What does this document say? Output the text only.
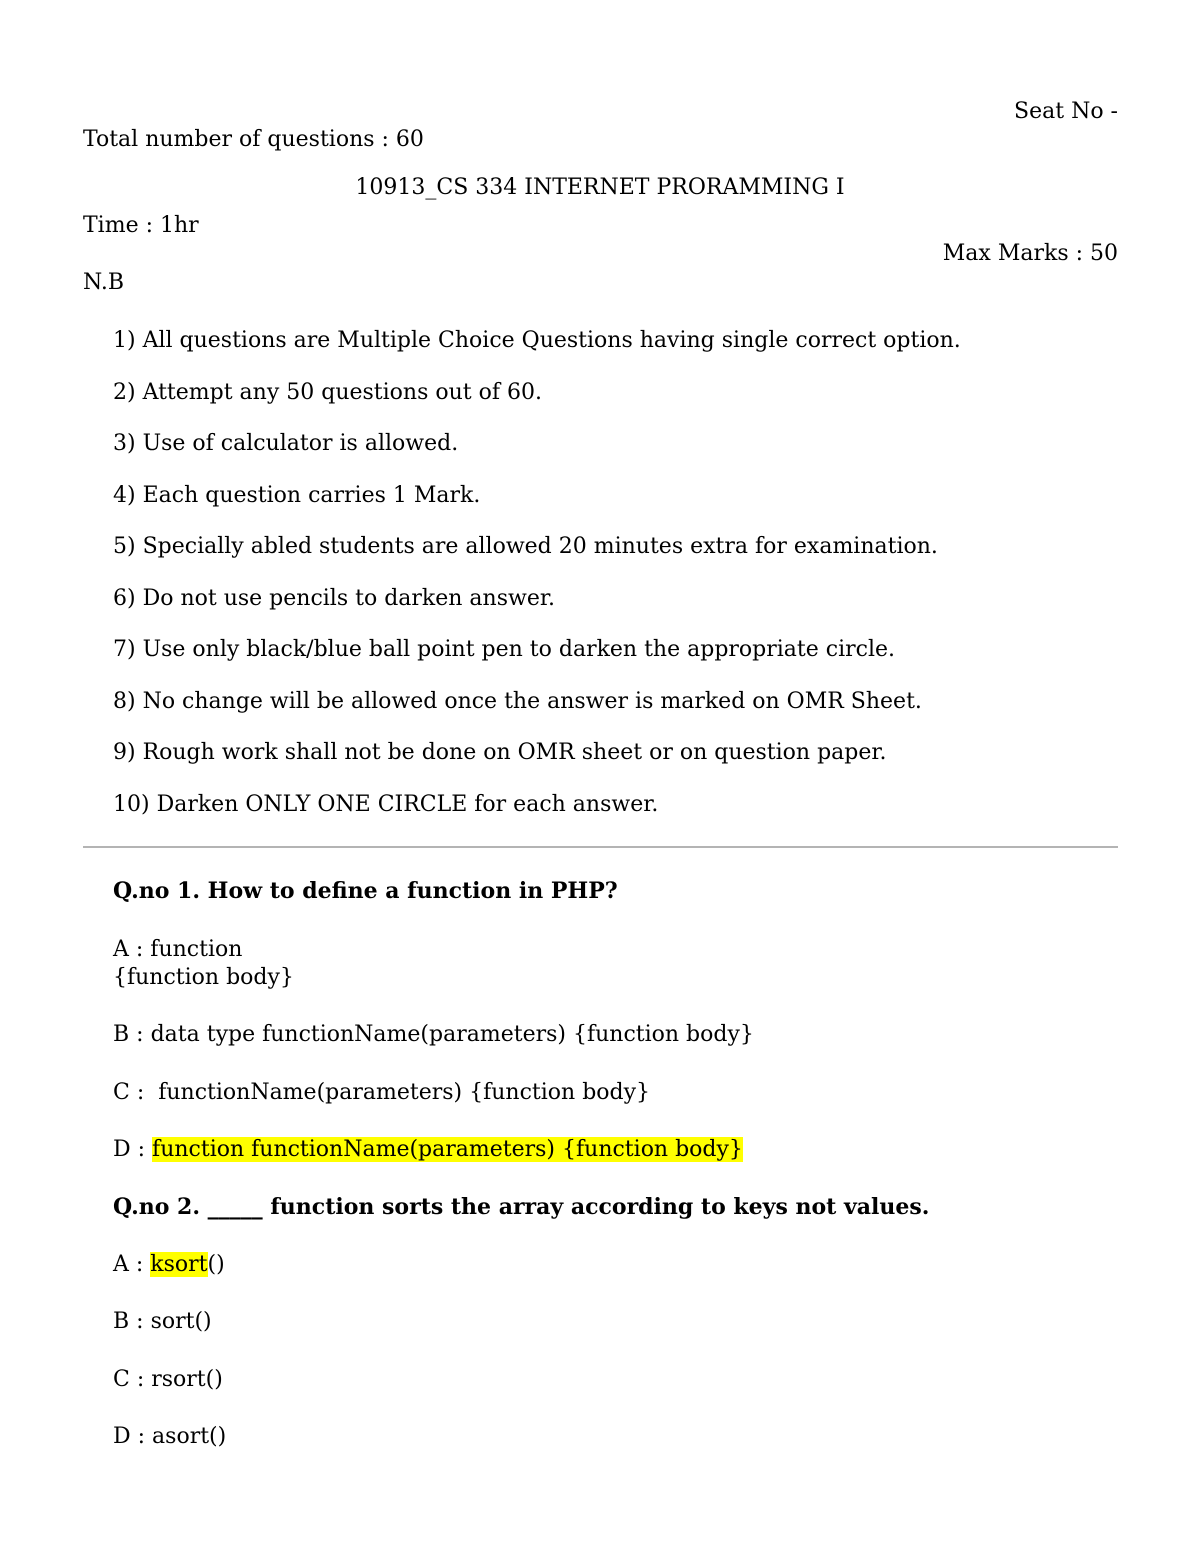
Seat No -
Total number of questions : 60
10913_CS 334 INTERNET PRORAMMING I
Time : 1hr
Max Marks : 50
N.B
1) All questions are Multiple Choice Questions having single correct option.
2) Attempt any 50 questions out of 60.
3) Use of calculator is allowed.
4) Each question carries 1 Mark.
5) Specially abled students are allowed 20 minutes extra for examination.
6) Do not use pencils to darken answer.
7) Use only black/blue ball point pen to darken the appropriate circle.
8) No change will be allowed once the answer is marked on OMR Sheet.
9) Rough work shall not be done on OMR sheet or on question paper.
10) Darken ONLY ONE CIRCLE for each answer.
Q.no 1. How to define a function in PHP?
A : function
{function body}
B : data type functionName(parameters) {function body}
C :  functionName(parameters) {function body}
D : function functionName(parameters) {function body}
Q.no 2. _____ function sorts the array according to keys not values.
A : ksort()
B : sort()
C : rsort()
D : asort()
